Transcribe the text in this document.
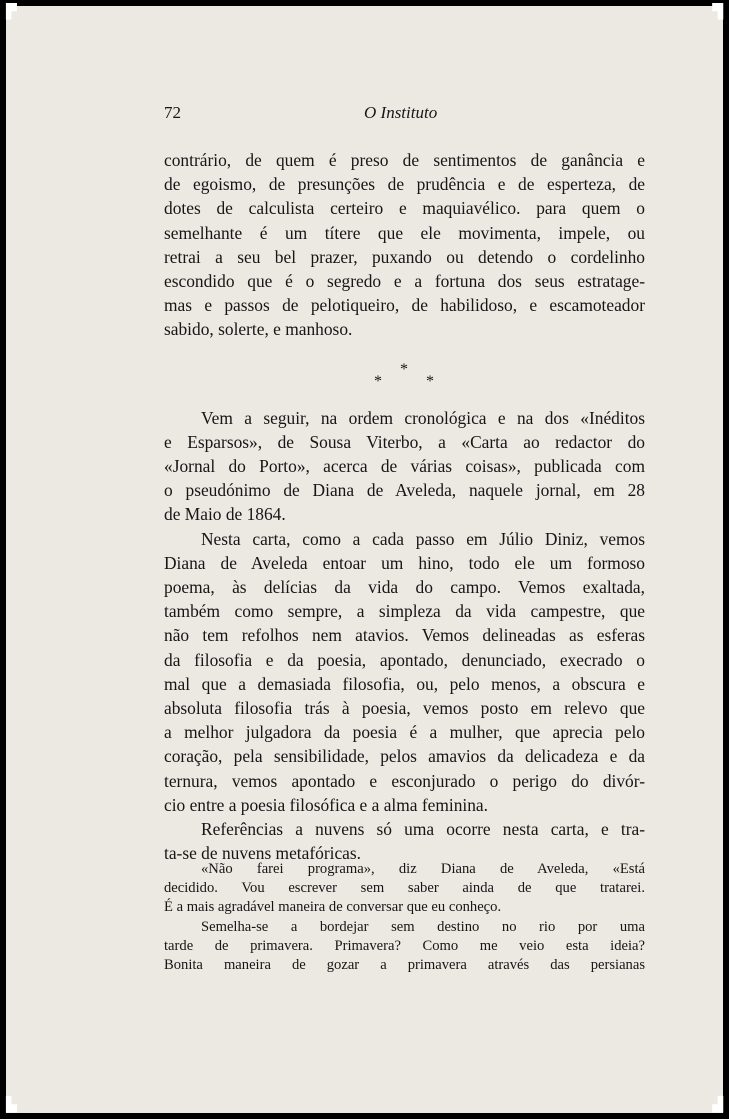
▛	▜
▙	▟
72	O Instituto

contrário, de quem é preso de sentimentos de ganância e
de egoismo, de presunções de prudência e de esperteza, de
dotes de calculista certeiro e maquiavélico. para quem o
semelhante é um títere que ele movimenta, impele, ou
retrai a seu bel prazer, puxando ou detendo o cordelinho
escondido que é o segredo e a fortuna dos seus estratage-
mas e passos de pelotiqueiro, de habilidoso, e escamoteador
sabido, solerte, e manhoso.

*
*	*

Vem a seguir, na ordem cronológica e na dos «Inéditos
e Esparsos», de Sousa Viterbo, a «Carta ao redactor do
«Jornal do Porto», acerca de várias coisas», publicada com
o pseudónimo de Diana de Aveleda, naquele jornal, em 28
de Maio de 1864.

Nesta carta, como a cada passo em Júlio Diniz, vemos
Diana de Aveleda entoar um hino, todo ele um formoso
poema, às delícias da vida do campo. Vemos exaltada,
também como sempre, a simpleza da vida campestre, que
não tem refolhos nem atavios. Vemos delineadas as esferas
da filosofia e da poesia, apontado, denunciado, execrado o
mal que a demasiada filosofia, ou, pelo menos, a obscura e
absoluta filosofia trás à poesia, vemos posto em relevo que
a melhor julgadora da poesia é a mulher, que aprecia pelo
coração, pela sensibilidade, pelos amavios da delicadeza e da
ternura, vemos apontado e esconjurado o perigo do divór-
cio entre a poesia filosófica e a alma feminina.

Referências a nuvens só uma ocorre nesta carta, e tra-
ta-se de nuvens metafóricas.

«Não farei programa», diz Diana de Aveleda, «Está
decidido. Vou escrever sem saber ainda de que tratarei.
É a mais agradável maneira de conversar que eu conheço.
Semelha-se a bordejar sem destino no rio por uma
tarde de primavera. Primavera? Como me veio esta ideia?
Bonita maneira de gozar a primavera através das persianas
